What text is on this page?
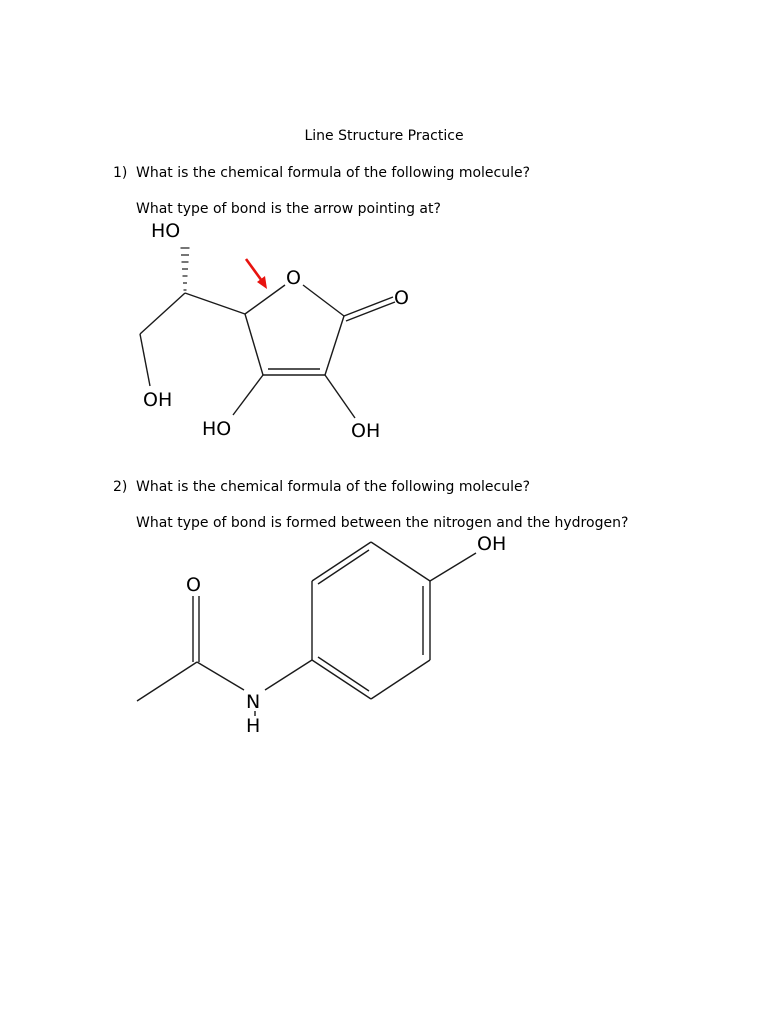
Line Structure Practice
1) What is the chemical formula of the following molecule?
What type of bond is the arrow pointing at?
HO
O
O
OH
HO	OH
2) What is the chemical formula of the following molecule?
What type of bond is formed between the nitrogen and the hydrogen?
OH
O
N
H
